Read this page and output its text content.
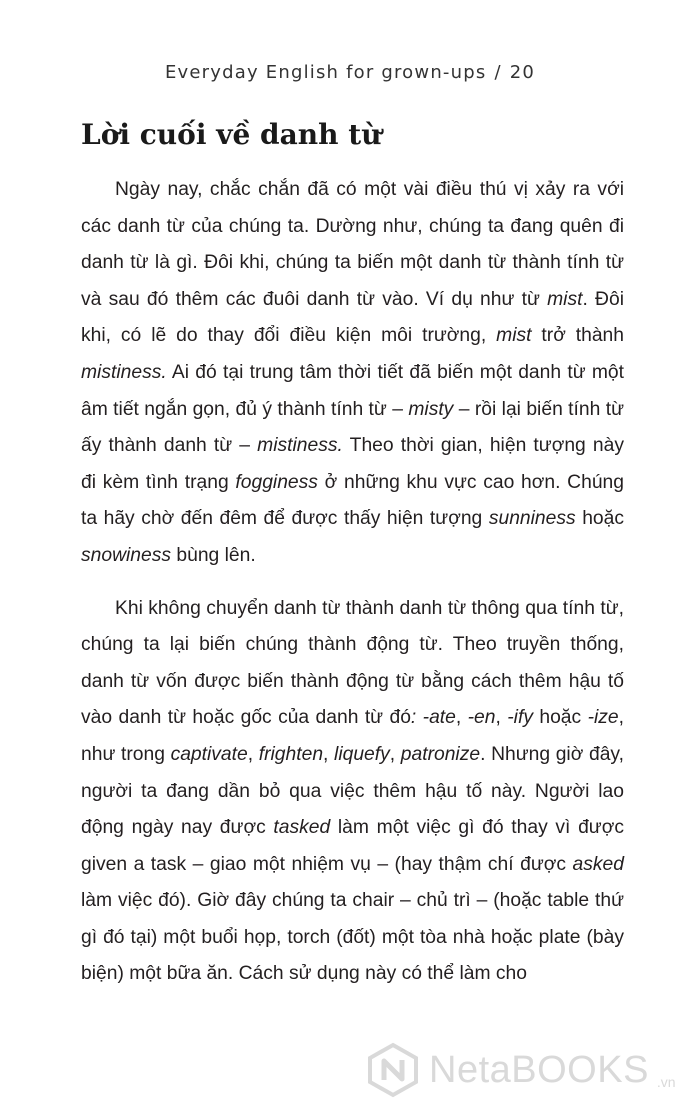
Everyday English for grown-ups / 20
Lời cuối về danh từ

Ngày nay, chắc chắn đã có một vài điều thú vị xảy ra với các danh từ của chúng ta. Dường như, chúng ta đang quên đi danh từ là gì. Đôi khi, chúng ta biến một danh từ thành tính từ và sau đó thêm các đuôi danh từ vào. Ví dụ như từ mist. Đôi khi, có lẽ do thay đổi điều kiện môi trường, mist trở thành mistiness. Ai đó tại trung tâm thời tiết đã biến một danh từ một âm tiết ngắn gọn, đủ ý thành tính từ – misty – rồi lại biến tính từ ấy thành danh từ – mistiness. Theo thời gian, hiện tượng này đi kèm tình trạng fogginess ở những khu vực cao hơn. Chúng ta hãy chờ đến đêm để được thấy hiện tượng sunniness hoặc snowiness bùng lên.

Khi không chuyển danh từ thành danh từ thông qua tính từ, chúng ta lại biến chúng thành động từ. Theo truyền thống, danh từ vốn được biến thành động từ bằng cách thêm hậu tố vào danh từ hoặc gốc của danh từ đó: -ate, -en, -ify hoặc -ize, như trong captivate, frighten, liquefy, patronize. Nhưng giờ đây, người ta đang dần bỏ qua việc thêm hậu tố này. Người lao động ngày nay được tasked làm một việc gì đó thay vì được given a task – giao một nhiệm vụ – (hay thậm chí được asked làm việc đó). Giờ đây chúng ta chair – chủ trì – (hoặc table thứ gì đó tại) một buổi họp, torch (đốt) một tòa nhà hoặc plate (bày biện) một bữa ăn. Cách sử dụng này có thể làm cho

NetaBOOKS .vn
